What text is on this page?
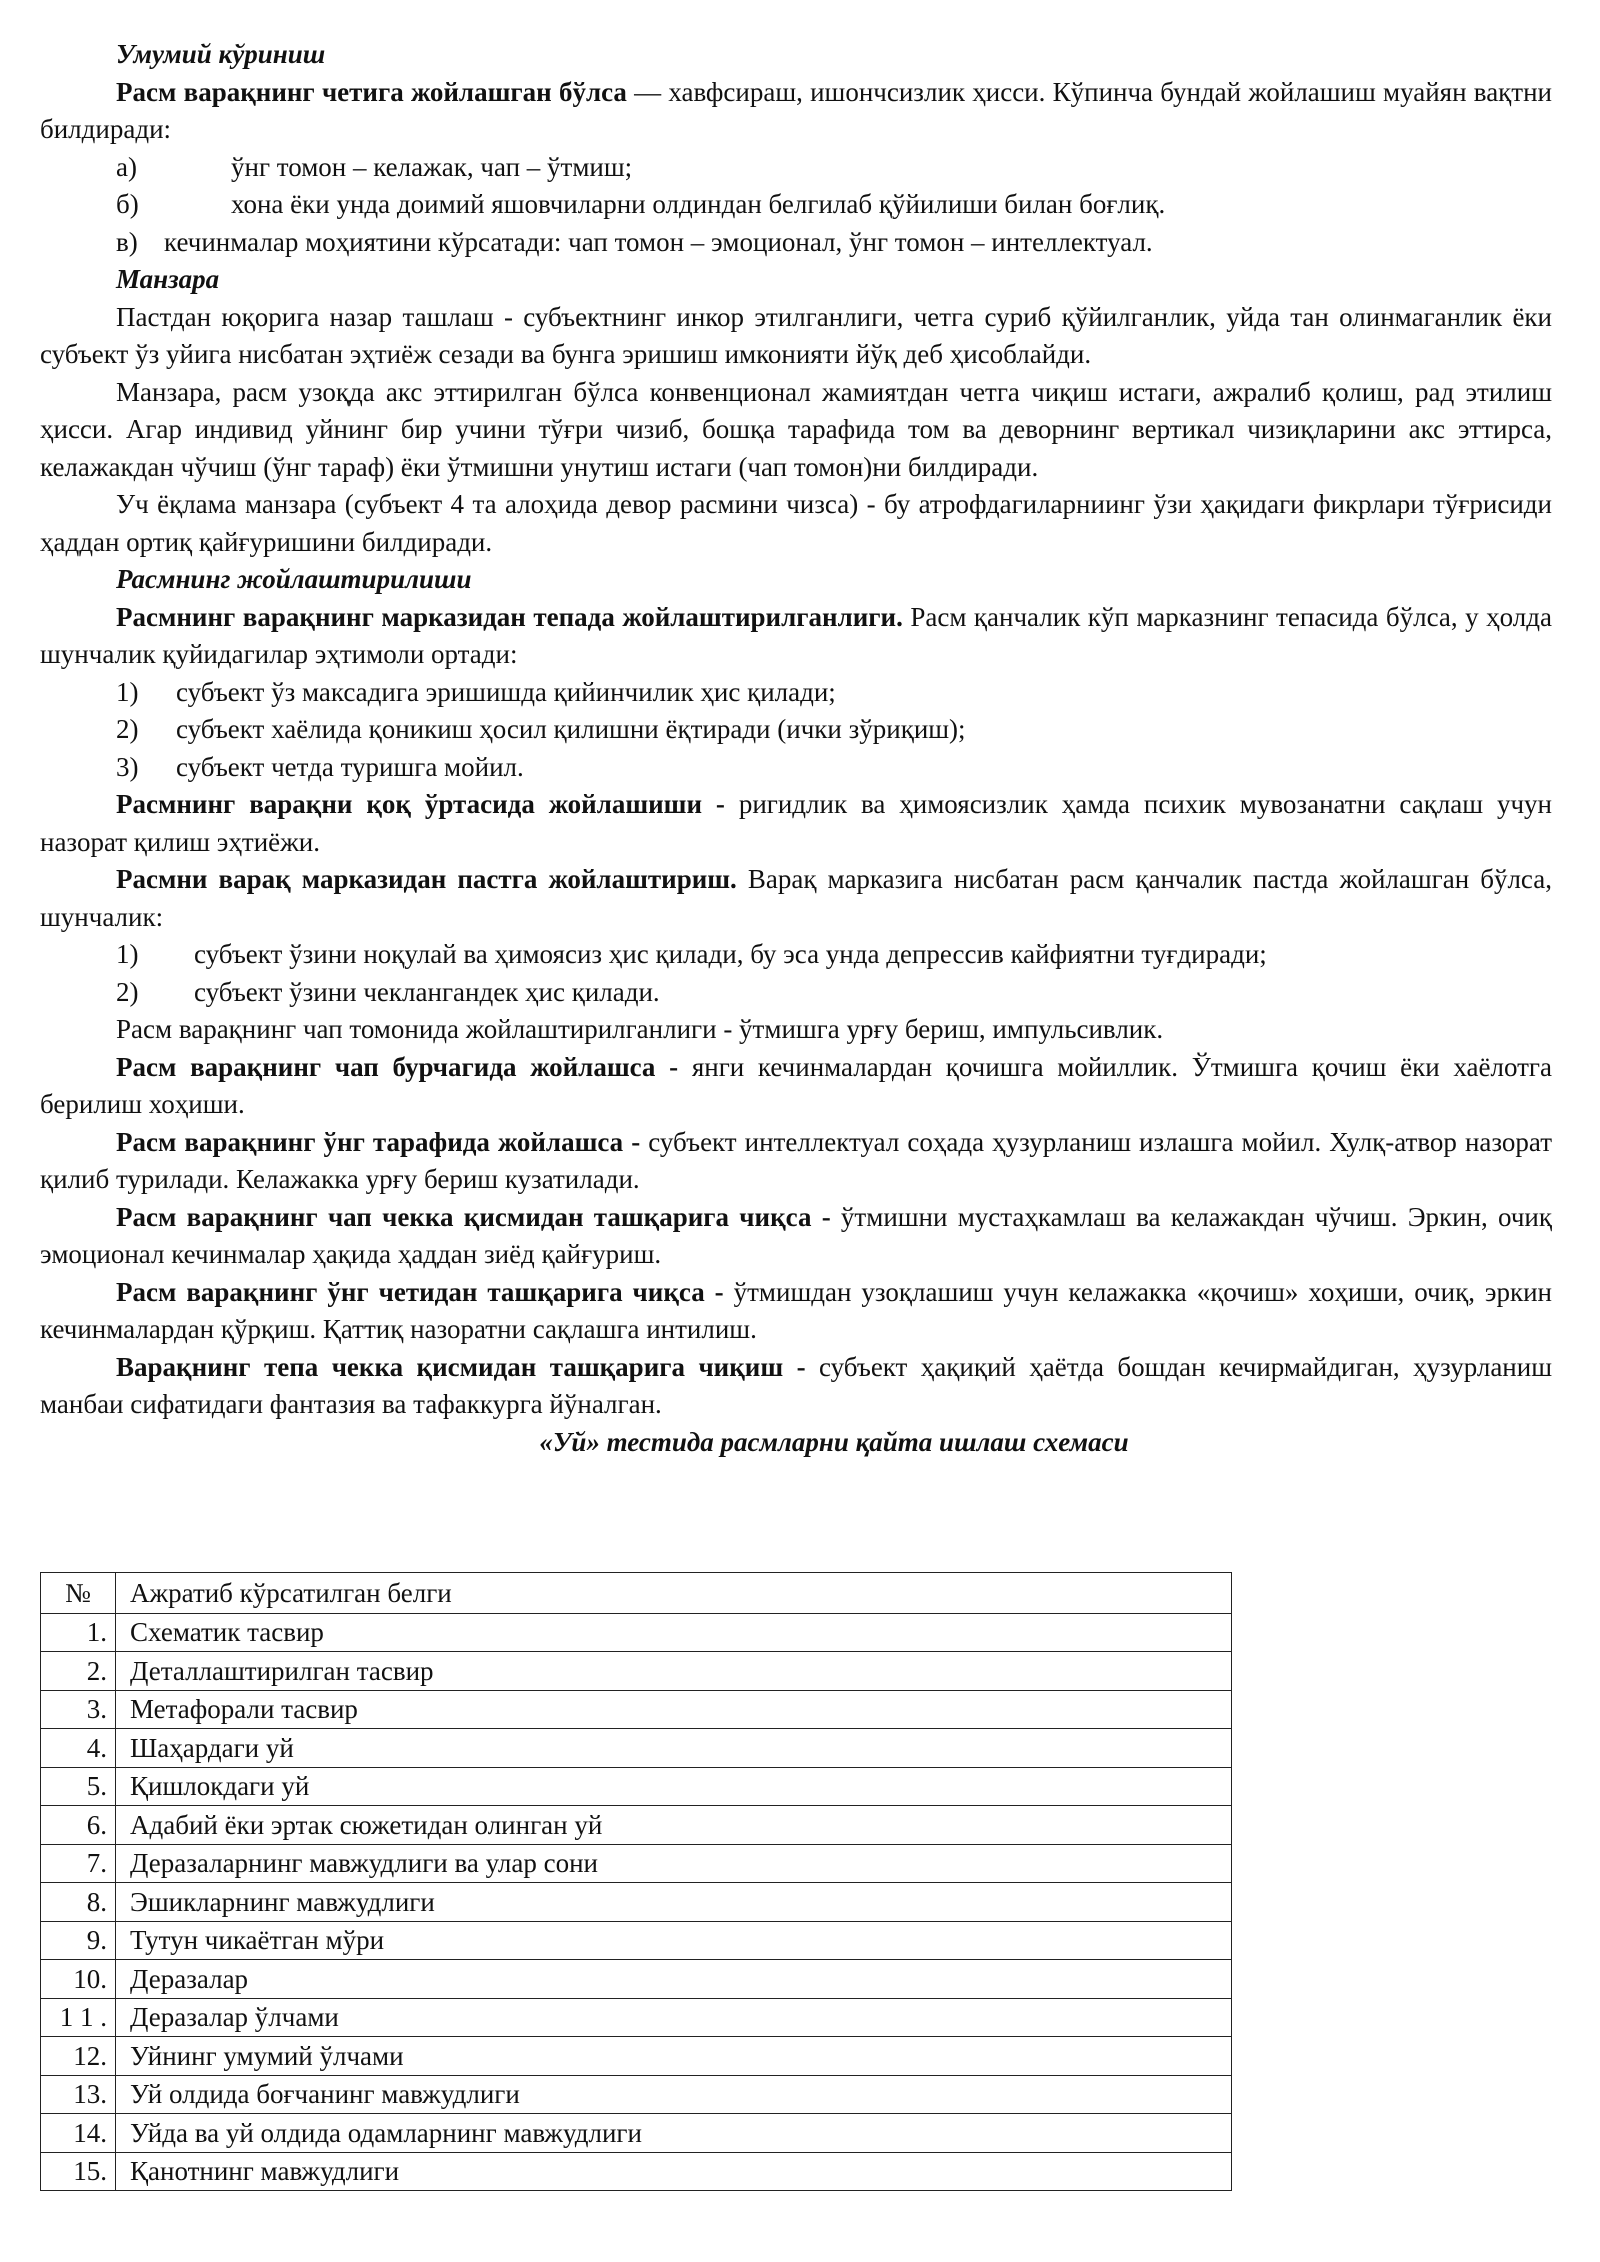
Умумий кўриниш

Расм варақнинг четига жойлашган бўлса — хавфсираш, ишончсизлик ҳисси. Кўпинча бундай жойлашиш муайян вақтни билдиради:

а)	ўнг томон – келажак, чап – ўтмиш;
б)	хона ёки унда доимий яшовчиларни олдиндан белгилаб қўйилиши билан боғлиқ.
в) кечинмалар моҳиятини кўрсатади: чап томон – эмоционал, ўнг томон – интеллектуал.

Манзара

Пастдан юқорига назар ташлаш - субъектнинг инкор этилганлиги, четга суриб қўйилганлик, уйда тан олинмаганлик ёки субъект ўз уйига нисбатан эҳтиёж сезади ва бунга эришиш имконияти йўқ деб ҳисоблайди.

Манзара, расм узоқда акс эттирилган бўлса конвенционал жамиятдан четга чиқиш истаги, ажралиб қолиш, рад этилиш ҳисси. Агар индивид уйнинг бир учини тўғри чизиб, бошқа тарафида том ва деворнинг вертикал чизиқларини акс эттирса, келажакдан чўчиш (ўнг тараф) ёки ўтмишни унутиш истаги (чап томон)ни билдиради.

Уч ёқлама манзара (субъект 4 та алоҳида девор расмини чизса) - бу атрофдагиларниинг ўзи ҳақидаги фикрлари тўғрисиди ҳаддан ортиқ қайғуришини билдиради.

Расмнинг жойлаштирилиши

Расмнинг варақнинг марказидан тепада жойлаштирилганлиги. Расм қанчалик кўп марказнинг тепасида бўлса, у ҳолда шунчалик қуйидагилар эҳтимоли ортади:

1)	субъект ўз максадига эришишда қийинчилик ҳис қилади;
2)	субъект хаёлида қоникиш ҳосил қилишни ёқтиради (ички зўриқиш);
3)	субъект четда туришга мойил.

Расмнинг варақни қоқ ўртасида жойлашиши - ригидлик ва ҳимоясизлик ҳамда психик мувозанатни сақлаш учун назорат қилиш эҳтиёжи.

Расмни варақ марказидан пастга жойлаштириш. Варақ марказига нисбатан расм қанчалик пастда жойлашган бўлса, шунчалик:

1)	субъект ўзини ноқулай ва ҳимоясиз ҳис қилади, бу эса унда депрессив кайфиятни туғдиради;
2)	субъект ўзини чеклангандек ҳис қилади.

Расм варақнинг чап томонида жойлаштирилганлиги - ўтмишга урғу бериш, импульсивлик.

Расм варақнинг чап бурчагида жойлашса - янги кечинмалардан қочишга мойиллик. Ўтмишга қочиш ёки хаёлотга берилиш хоҳиши.

Расм варақнинг ўнг тарафида жойлашса - субъект интеллектуал соҳада ҳузурланиш излашга мойил. Хулқ-атвор назорат қилиб турилади. Келажакка урғу бериш кузатилади.

Расм варақнинг чап чекка қисмидан ташқарига чиқса - ўтмишни мустаҳкамлаш ва келажакдан чўчиш. Эркин, очиқ эмоционал кечинмалар ҳақида ҳаддан зиёд қайғуриш.

Расм варақнинг ўнг четидан ташқарига чиқса - ўтмишдан узоқлашиш учун келажакка «қочиш» хоҳиши, очиқ, эркин кечинмалардан қўрқиш. Қаттиқ назоратни сақлашга интилиш.

Варақнинг тепа чекка қисмидан ташқарига чиқиш - субъект ҳақиқий ҳаётда бошдан кечирмайдиган, ҳузурланиш манбаи сифатидаги фантазия ва тафаккурга йўналган.

«Уй» тестида расмларни қайта ишлаш схемаси

№	Ажратиб кўрсатилган белги
1.	Схематик тасвир
2.	Деталлаштирилган тасвир
3.	Метафорали тасвир
4.	Шаҳардаги уй
5.	Қишлокдаги уй
6.	Адабий ёки эртак сюжетидан олинган уй
7.	Деразаларнинг мавжудлиги ва улар сони
8.	Эшикларнинг мавжудлиги
9.	Тутун чикаётган мўри
10.	Деразалар
1 1 .	Деразалар ўлчами
12.	Уйнинг умумий ўлчами
13.	Уй олдида боғчанинг мавжудлиги
14.	Уйда ва уй олдида одамларнинг мавжудлиги
15.	Қанотнинг мавжудлиги
